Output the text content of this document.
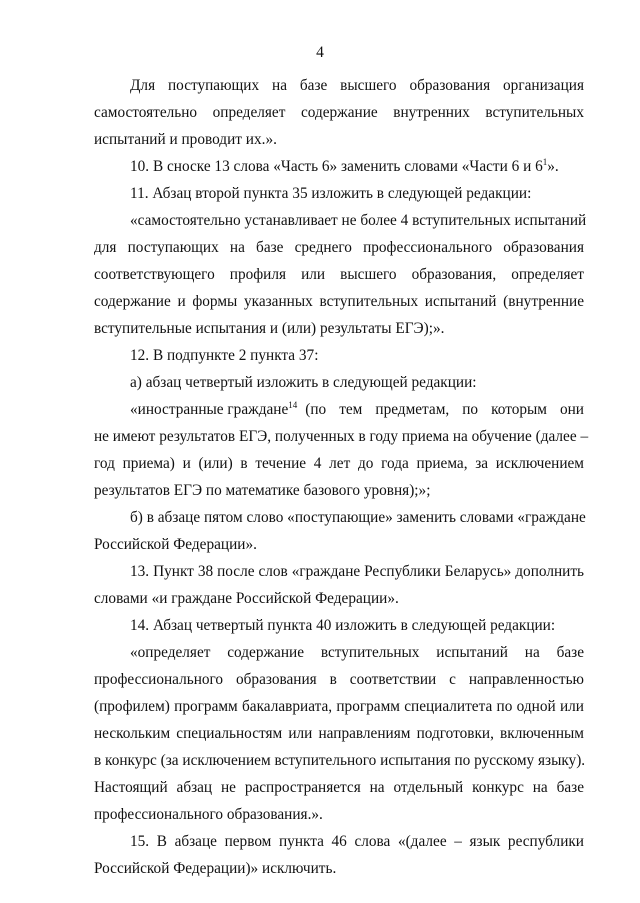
4
Для поступающих на базе высшего образования организация
самостоятельно определяет содержание внутренних вступительных
испытаний и проводит их.».
10. В сноске 13 слова «Часть 6» заменить словами «Части 6 и $6^1$».
11. Абзац второй пункта 35 изложить в следующей редакции:
«самостоятельно устанавливает не более 4 вступительных испытаний
для поступающих на базе среднего профессионального образования
соответствующего профиля или высшего образования, определяет
содержание и формы указанных вступительных испытаний (внутренние
вступительные испытания и (или) результаты ЕГЭ);».
12. В подпункте 2 пункта 37:
а) абзац четвертый изложить в следующей редакции:
«иностранные граждане$^{14}$ (по тем предметам, по которым они
не имеют результатов ЕГЭ, полученных в году приема на обучение (далее –
год приема) и (или) в течение 4 лет до года приема, за исключением
результатов ЕГЭ по математике базового уровня);»;
б) в абзаце пятом слово «поступающие» заменить словами «граждане
Российской Федерации».
13. Пункт 38 после слов «граждане Республики Беларусь» дополнить
словами «и граждане Российской Федерации».
14. Абзац четвертый пункта 40 изложить в следующей редакции:
«определяет содержание вступительных испытаний на базе
профессионального образования в соответствии с направленностью
(профилем) программ бакалавриата, программ специалитета по одной или
нескольким специальностям или направлениям подготовки, включенным
в конкурс (за исключением вступительного испытания по русскому языку).
Настоящий абзац не распространяется на отдельный конкурс на базе
профессионального образования.».
15. В абзаце первом пункта 46 слова «(далее – язык республики
Российской Федерации)» исключить.
